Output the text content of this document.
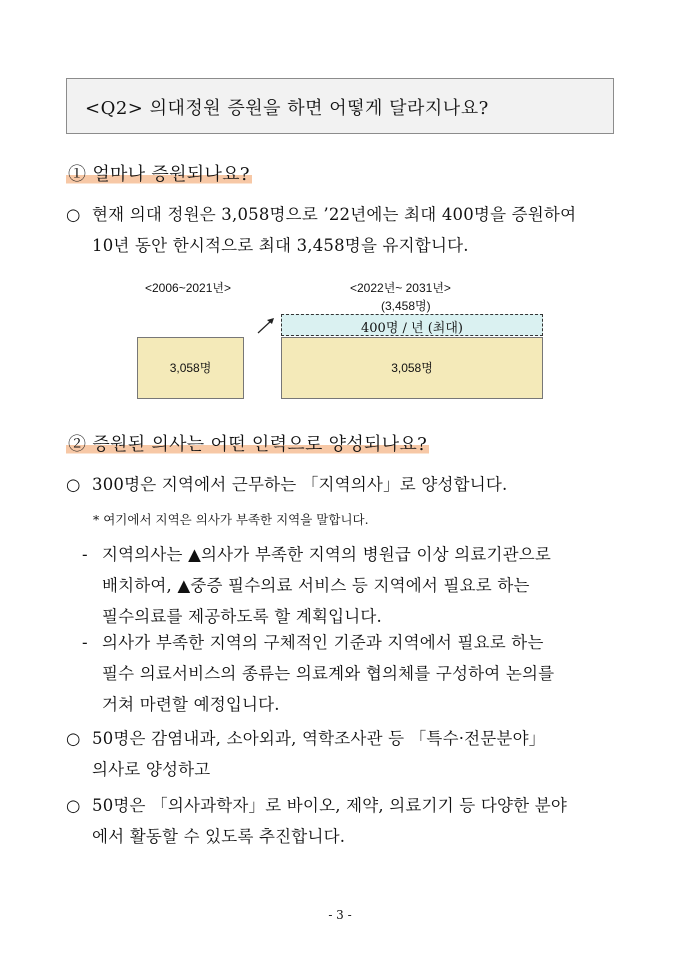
<Q2> 의대정원 증원을 하면 어떻게 달라지나요?
① 얼마나 증원되나요?
○ 현재 의대 정원은 3,058명으로 ’22년에는 최대 400명을 증원하여
10년 동안 한시적으로 최대 3,458명을 유지합니다.
<2006~2021년>	<2022년~ 2031년>
(3,458명)
400명 / 년 (최대)
3,058명	3,058명
② 증원된 의사는 어떤 인력으로 양성되나요?
○ 300명은 지역에서 근무하는 「지역의사」로 양성합니다.
* 여기에서 지역은 의사가 부족한 지역을 말합니다.
- 지역의사는 ▲의사가 부족한 지역의 병원급 이상 의료기관으로
배치하여, ▲중증 필수의료 서비스 등 지역에서 필요로 하는
필수의료를 제공하도록 할 계획입니다.
- 의사가 부족한 지역의 구체적인 기준과 지역에서 필요로 하는
필수 의료서비스의 종류는 의료계와 협의체를 구성하여 논의를
거쳐 마련할 예정입니다.
○ 50명은 감염내과, 소아외과, 역학조사관 등 「특수·전문분야」
의사로 양성하고
○ 50명은 「의사과학자」로 바이오, 제약, 의료기기 등 다양한 분야
에서 활동할 수 있도록 추진합니다.
- 3 -
